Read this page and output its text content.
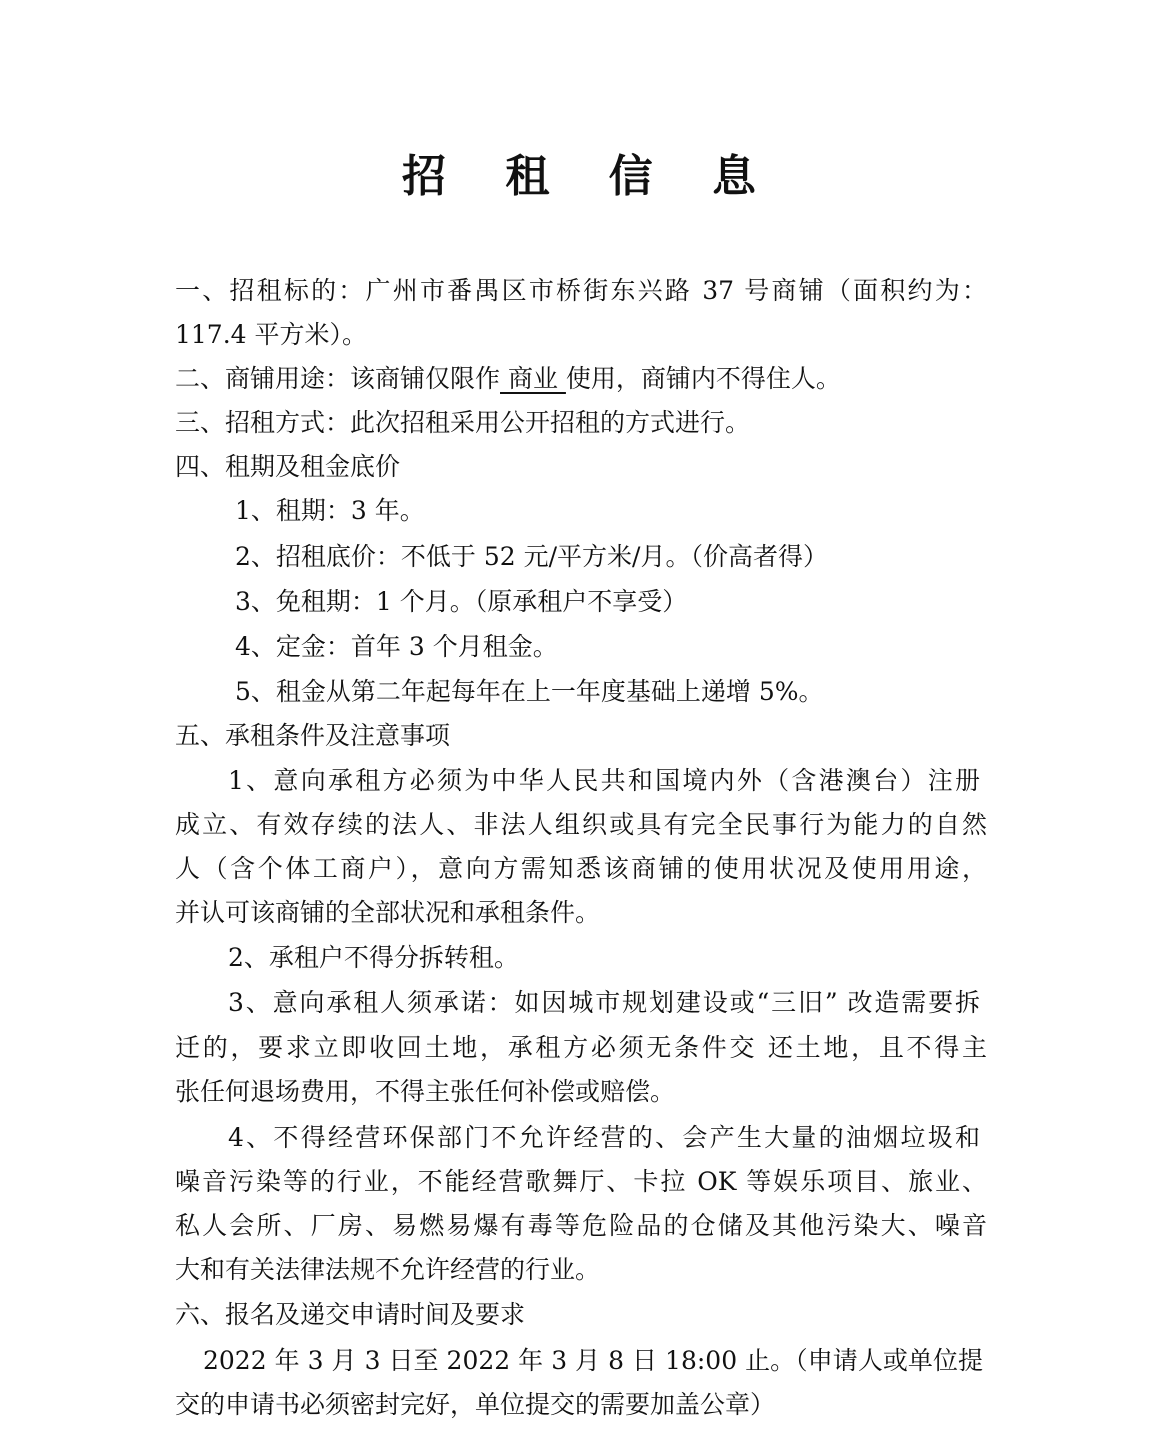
招 租 信 息
一、招租标的：广州市番禺区市桥街东兴路 37 号商铺（面积约为：
117.4 平方米）。
二、商铺用途：该商铺仅限作 商业 使用，商铺内不得住人。
三、招租方式：此次招租采用公开招租的方式进行。
四、租期及租金底价
1、租期：3 年。
2、招租底价：不低于 52 元/平方米/月。（价高者得）
3、免租期：1 个月。（原承租户不享受）
4、定金：首年 3 个月租金。
5、租金从第二年起每年在上一年度基础上递增 5%。
五、承租条件及注意事项
1、意向承租方必须为中华人民共和国境内外（含港澳台）注册
成立、有效存续的法人、非法人组织或具有完全民事行为能力的自然
人（含个体工商户），意向方需知悉该商铺的使用状况及使用用途，
并认可该商铺的全部状况和承租条件。
2、承租户不得分拆转租。
3、意向承租人须承诺：如因城市规划建设或“三旧” 改造需要拆
迁的，要求立即收回土地，承租方必须无条件交 还土地，且不得主
张任何退场费用，不得主张任何补偿或赔偿。
4、不得经营环保部门不允许经营的、会产生大量的油烟垃圾和
噪音污染等的行业，不能经营歌舞厅、卡拉 OK 等娱乐项目、旅业、
私人会所、厂房、易燃易爆有毒等危险品的仓储及其他污染大、噪音
大和有关法律法规不允许经营的行业。
六、报名及递交申请时间及要求
2022 年 3 月 3 日至 2022 年 3 月 8 日 18:00 止。（申请人或单位提
交的申请书必须密封完好，单位提交的需要加盖公章）
